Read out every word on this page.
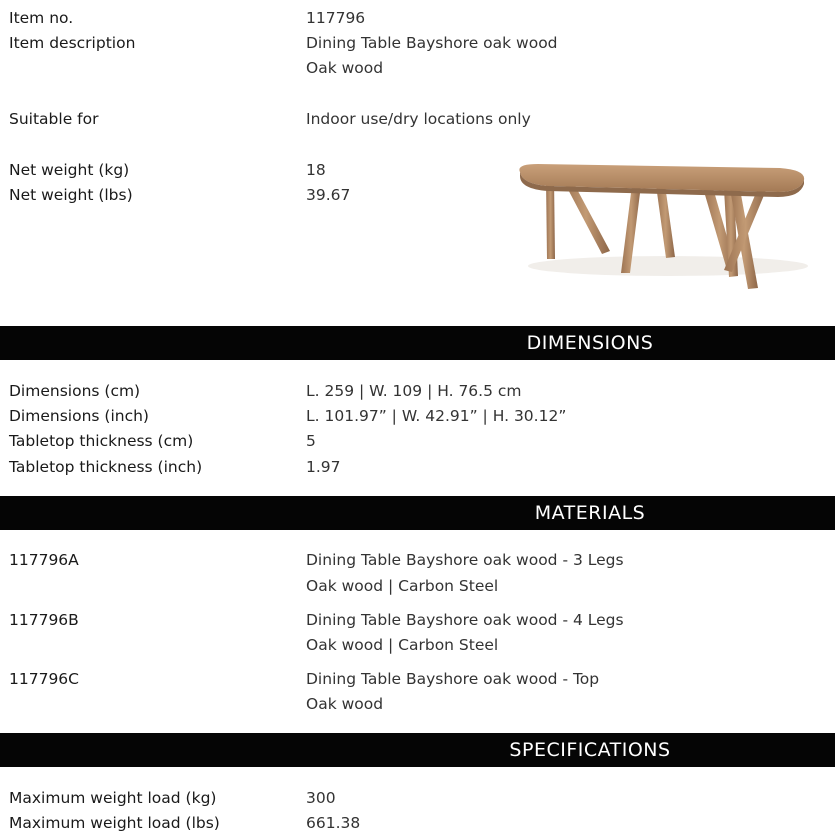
Item no.	117796
Item description	Dining Table Bayshore oak wood
Oak wood
Suitable for	Indoor use/dry locations only
Net weight (kg)	18
Net weight (lbs)	39.67
DIMENSIONS
Dimensions (cm)	L. 259 | W. 109 | H. 76.5 cm
Dimensions (inch)	L. 101.97” | W. 42.91” | H. 30.12”
Tabletop thickness (cm)	5
Tabletop thickness (inch)	1.97
MATERIALS
117796A	Dining Table Bayshore oak wood - 3 Legs
Oak wood | Carbon Steel
117796B	Dining Table Bayshore oak wood - 4 Legs
Oak wood | Carbon Steel
117796C	Dining Table Bayshore oak wood - Top
Oak wood
SPECIFICATIONS
Maximum weight load (kg)	300
Maximum weight load (lbs)	661.38
